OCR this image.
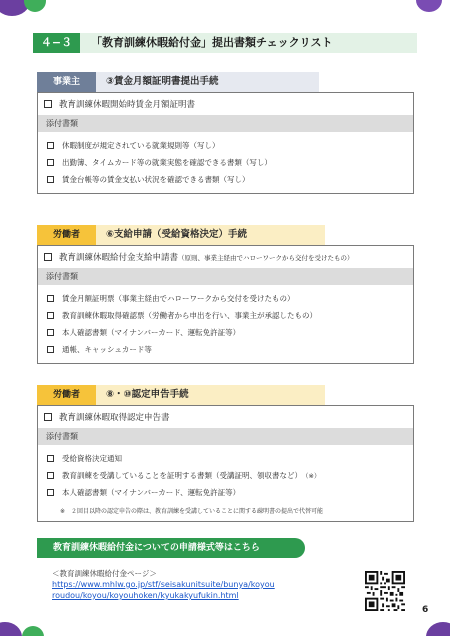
４−３	「教育訓練休暇給付金」提出書類チェックリスト
事業主	③賃金月額証明書提出手続
教育訓練休暇開始時賃金月額証明書
添付書類
休暇制度が規定されている就業規則等（写し）
出勤簿、タイムカード等の就業実態を確認できる書類（写し）
賃金台帳等の賃金支払い状況を確認できる書類（写し）
労働者	⑥支給申請（受給資格決定）手続
教育訓練休暇給付金支給申請書 （原則、事業主経由でハローワークから交付を受けたもの）
添付書類
賃金月額証明票（事業主経由でハローワークから交付を受けたもの）
教育訓練休暇取得確認票（労働者から申出を行い、事業主が承認したもの）
本人確認書類（マイナンバーカード、運転免許証等）
通帳、キャッシュカード等
労働者	⑧・⑩認定申告手続
教育訓練休暇取得認定申告書
添付書類
受給資格決定通知
教育訓練を受講していることを証明する書類（受講証明、領収書など） （※）
本人確認書類（マイナンバーカード、運転免許証等）
※　２回目以降の認定申告の際は、教育訓練を受講していることに関する疎明書の提出で代替可能
教育訓練休暇給付金についての申請様式等はこちら
＜教育訓練休暇給付金ページ＞
https://www.mhlw.go.jp/stf/seisakunitsuite/bunya/koyou roudou/koyou/koyouhoken/kyukakyufukin.html
6
